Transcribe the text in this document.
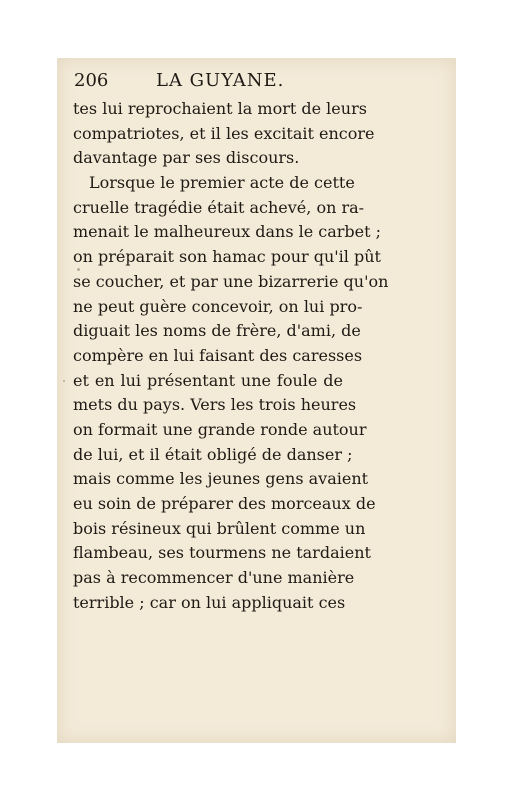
206	LA GUYANE.
tes lui reprochaient la mort de leurs
compatriotes, et il les excitait encore
davantage par ses discours.
Lorsque le premier acte de cette
cruelle tragédie était achevé, on ra-
menait le malheureux dans le carbet ;
on préparait son hamac pour qu'il pût
se coucher, et par une bizarrerie qu'on
ne peut guère concevoir, on lui pro-
diguait les noms de frère, d'ami, de
compère en lui faisant des caresses
et en lui présentant une foule de
mets du pays. Vers les trois heures
on formait une grande ronde autour
de lui, et il était obligé de danser ;
mais comme les jeunes gens avaient
eu soin de préparer des morceaux de
bois résineux qui brûlent comme un
flambeau, ses tourmens ne tardaient
pas à recommencer d'une manière
terrible ; car on lui appliquait ces
